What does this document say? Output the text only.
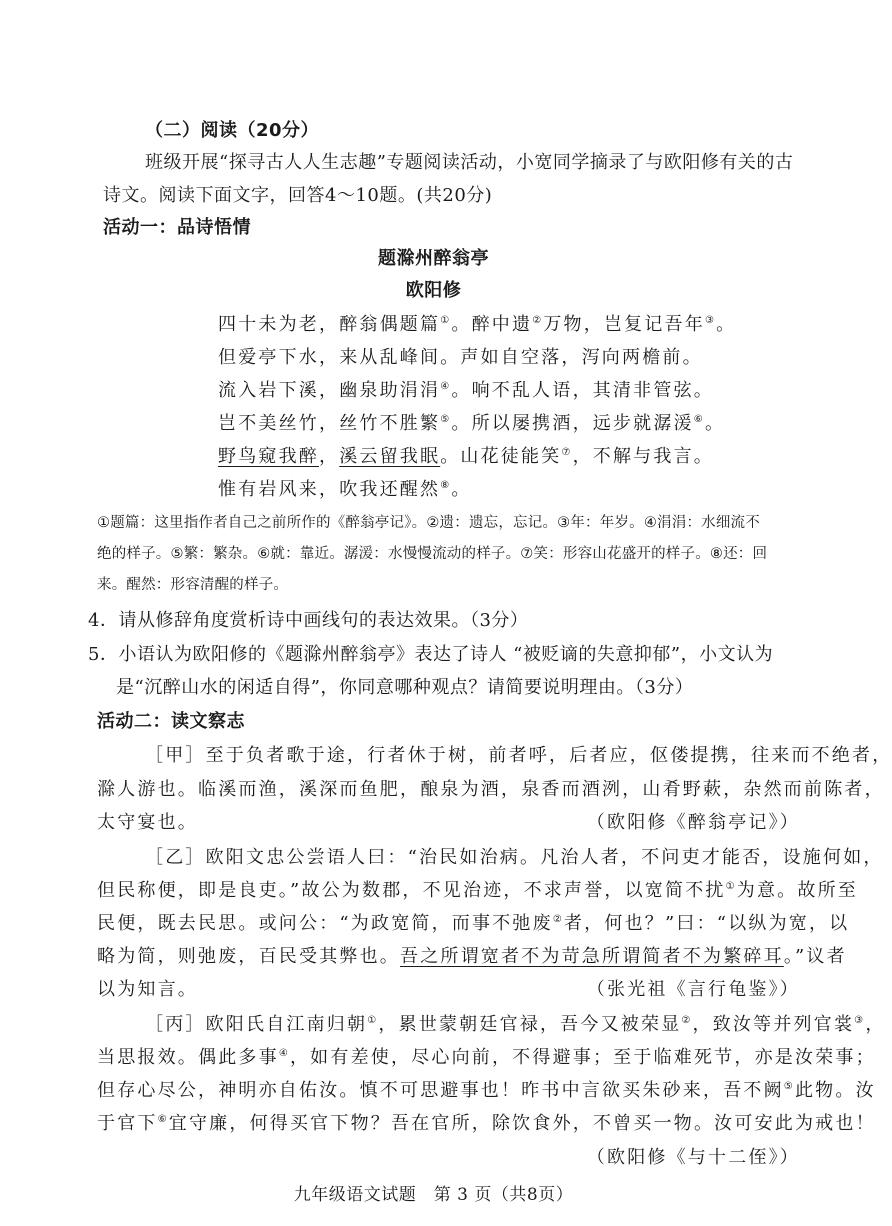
（二）阅读（20分）
班级开展“探寻古人人生志趣”专题阅读活动，小宽同学摘录了与欧阳修有关的古
诗文。阅读下面文字，回答4～10题。(共20分)
活动一：品诗悟情
题滁州醉翁亭
欧阳修
四十未为老，醉翁偶题篇①。醉中遗②万物，岂复记吾年③。
但爱亭下水，来从乱峰间。声如自空落，泻向两檐前。
流入岩下溪，幽泉助涓涓④。响不乱人语，其清非管弦。
岂不美丝竹，丝竹不胜繁⑤。所以屡携酒，远步就潺湲⑥。
野鸟窥我醉，溪云留我眠。山花徒能笑⑦，不解与我言。
惟有岩风来，吹我还醒然⑧。
①题篇：这里指作者自己之前所作的《醉翁亭记》。②遗：遗忘，忘记。③年：年岁。④涓涓：水细流不
绝的样子。⑤繁：繁杂。⑥就：靠近。潺湲：水慢慢流动的样子。⑦笑：形容山花盛开的样子。⑧还：回
来。醒然：形容清醒的样子。
4．请从修辞角度赏析诗中画线句的表达效果。（3分）
5．小语认为欧阳修的《题滁州醉翁亭》表达了诗人 “被贬谪的失意抑郁”，小文认为
是“沉醉山水的闲适自得”，你同意哪种观点？请简要说明理由。（3分）
活动二：读文察志
［甲］至于负者歌于途，行者休于树，前者呼，后者应，伛偻提携，往来而不绝者，
滁人游也。临溪而渔，溪深而鱼肥，酿泉为酒，泉香而酒洌，山肴野蔌，杂然而前陈者，
太守宴也。	（欧阳修《醉翁亭记》）
［乙］欧阳文忠公尝语人曰：“治民如治病。凡治人者，不问吏才能否，设施何如，
但民称便，即是良吏。”故公为数郡，不见治迹，不求声誉，以宽简不扰①为意。故所至
民便，既去民思。或问公：“为政宽简，而事不弛废②者，何也？”曰：“以纵为宽，以
略为简，则弛废，百民受其弊也。吾之所谓宽者不为苛急所谓简者不为繁碎耳。”议者
以为知言。	（张光祖《言行龟鉴》）
［丙］欧阳氏自江南归朝①，累世蒙朝廷官禄，吾今又被荣显②，致汝等并列官裳③，
当思报效。偶此多事④，如有差使，尽心向前，不得避事；至于临难死节，亦是汝荣事；
但存心尽公，神明亦自佑汝。慎不可思避事也！昨书中言欲买朱砂来，吾不阙⑤此物。汝
于官下⑥宜守廉，何得买官下物？吾在官所，除饮食外，不曾买一物。汝可安此为戒也！
（欧阳修《与十二侄》）
九年级语文试题　第 3 页（共8页）
